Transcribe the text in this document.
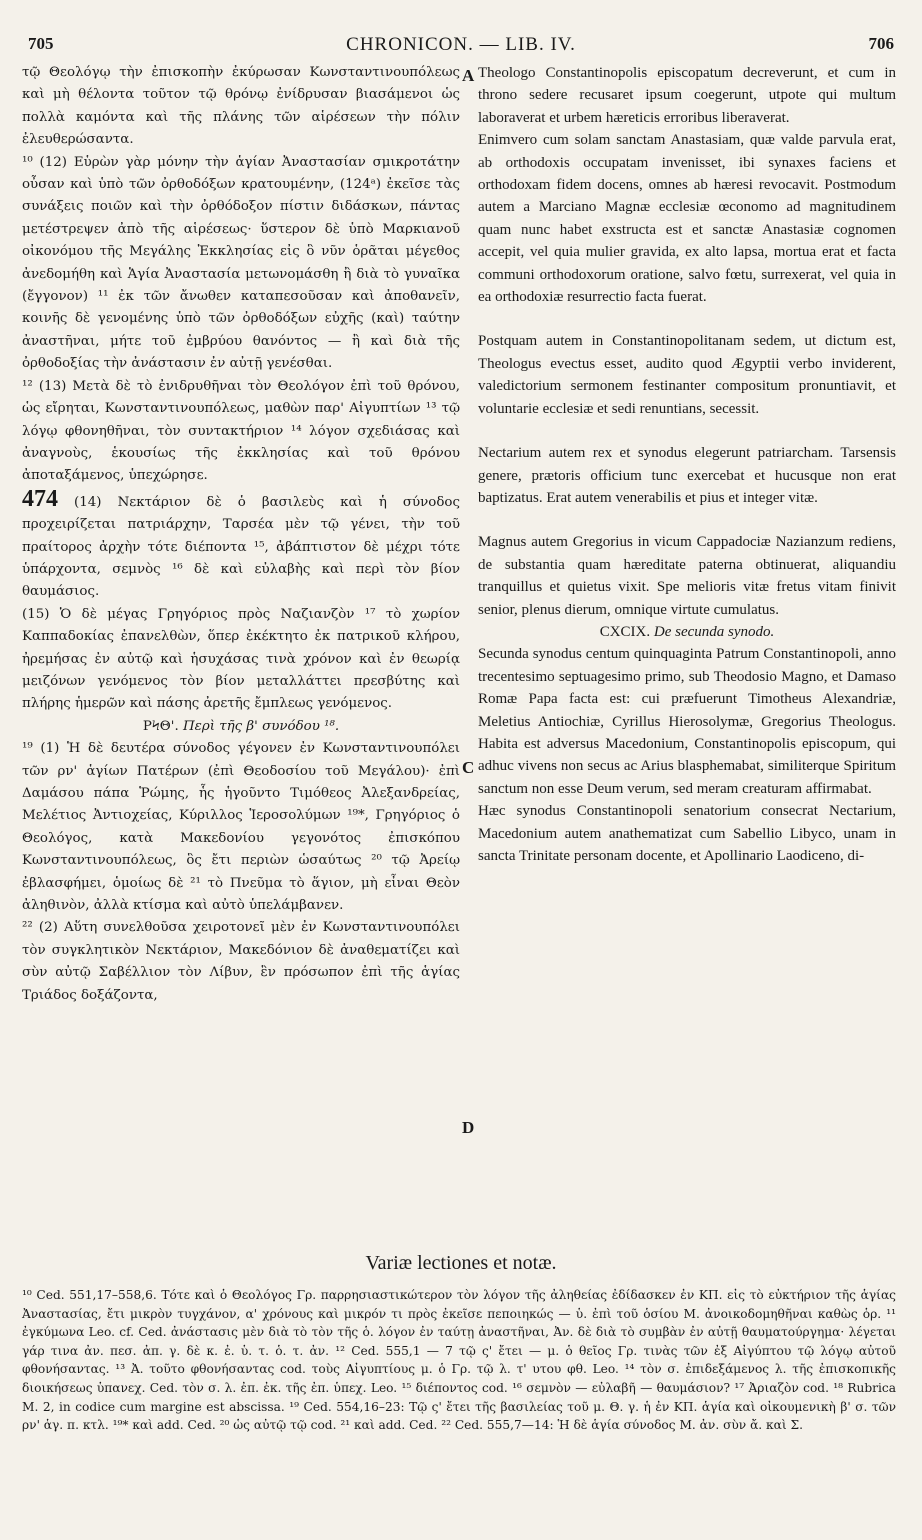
705	CHRONICON. — LIB. IV.	706

τῷ Θεολόγῳ τὴν ἐπισκοπὴν ἐκύρωσαν Κωνσταντινουπόλεως καὶ μὴ θέλοντα τοῦτον τῷ θρόνῳ ἐνίδρυσαν βιασάμενοι ὡς πολλὰ καμόντα καὶ τῆς πλάνης τῶν αἱρέσεων τὴν πόλιν ἐλευθερώσαντα.

¹⁰ (12) Εὑρὼν γὰρ μόνην τὴν ἁγίαν Ἀναστασίαν σμικροτάτην οὖσαν καὶ ὑπὸ τῶν ὀρθοδόξων κρατουμένην, (124ᵃ) ἐκεῖσε τὰς συνάξεις ποιῶν καὶ τὴν ὀρθόδοξον πίστιν διδάσκων, πάντας μετέστρεψεν ἀπὸ τῆς αἱρέσεως· ὕστερον δὲ ὑπὸ Μαρκιανοῦ οἰκονόμου τῆς Μεγάλης Ἐκκλησίας εἰς ὃ νῦν ὁρᾶται μέγεθος ἀνεδομήθη καὶ Ἁγία Ἀναστασία μετωνομάσθη ἢ διὰ τὸ γυναῖκα (ἔγγονον) ¹¹ ἐκ τῶν ἄνωθεν καταπεσοῦσαν καὶ ἀποθανεῖν, κοινῆς δὲ γενομένης ὑπὸ τῶν ὀρθοδόξων εὐχῆς (καὶ) ταύτην ἀναστῆναι, μήτε τοῦ ἐμβρύου θανόντος — ἢ καὶ διὰ τῆς ὀρθοδοξίας τὴν ἀνάστασιν ἐν αὐτῇ γενέσθαι.

¹² (13) Μετὰ δὲ τὸ ἐνιδρυθῆναι τὸν Θεολόγον ἐπὶ τοῦ θρόνου, ὡς εἴρηται, Κωνσταντινουπόλεως, μαθὼν παρ' Αἰγυπτίων ¹³ τῷ λόγῳ φθονηθῆναι, τὸν συντακτήριον ¹⁴ λόγον σχεδιάσας καὶ ἀναγνοὺς, ἑκουσίως τῆς ἐκκλησίας καὶ τοῦ θρόνου ἀποταξάμενος, ὑπεχώρησε.

474 (14) Νεκτάριον δὲ ὁ βασιλεὺς καὶ ἡ σύνοδος προχειρίζεται πατριάρχην, Ταρσέα μὲν τῷ γένει, τὴν τοῦ πραίτορος ἀρχὴν τότε διέποντα ¹⁵, ἀβάπτιστον δὲ μέχρι τότε ὑπάρχοντα, σεμνὸς ¹⁶ δὲ καὶ εὐλαβὴς καὶ περὶ τὸν βίον θαυμάσιος.

(15) Ὁ δὲ μέγας Γρηγόριος πρὸς Ναζιανζὸν ¹⁷ τὸ χωρίον Καππαδοκίας ἐπανελθὼν, ὅπερ ἐκέκτητο ἐκ πατρικοῦ κλήρου, ἠρεμήσας ἐν αὐτῷ καὶ ἡσυχάσας τινὰ χρόνον καὶ ἐν θεωρίᾳ μειζόνων γενόμενος τὸν βίον μεταλλάττει πρεσβύτης καὶ πλήρης ἡμερῶν καὶ πάσης ἀρετῆς ἔμπλεως γενόμενος.

ΡϞΘ'. Περὶ τῆς β' συνόδου ¹⁸.

¹⁹ (1) Ἡ δὲ δευτέρα σύνοδος γέγονεν ἐν Κωνσταντινουπόλει τῶν ρν' ἁγίων Πατέρων (ἐπὶ Θεοδοσίου τοῦ Μεγάλου)· ἐπὶ Δαμάσου πάπα Ῥώμης, ἧς ἡγοῦντο Τιμόθεος Ἀλεξανδρείας, Μελέτιος Ἀντιοχείας, Κύριλλος Ἱεροσολύμων ¹⁹*, Γρηγόριος ὁ Θεολόγος, κατὰ Μακεδονίου γεγονότος ἐπισκόπου Κωνσταντινουπόλεως, ὃς ἔτι περιὼν ὡσαύτως ²⁰ τῷ Ἀρείῳ ἐβλασφήμει, ὁμοίως δὲ ²¹ τὸ Πνεῦμα τὸ ἅγιον, μὴ εἶναι Θεὸν ἀληθινὸν, ἀλλὰ κτίσμα καὶ αὐτὸ ὑπελάμβανεν.

²² (2) Αὕτη συνελθοῦσα χειροτονεῖ μὲν ἐν Κωνσταντινουπόλει τὸν συγκλητικὸν Νεκτάριον, Μακεδόνιον δὲ ἀναθεματίζει καὶ σὺν αὐτῷ Σαβέλλιον τὸν Λίβυν, ἓν πρόσωπον ἐπὶ τῆς ἁγίας Τριάδος δοξάζοντα,

Theologo Constantinopolis episcopatum decreverunt, et cum in throno sedere recusaret ipsum coegerunt, utpote qui multum laboraverat et urbem hæreticis erroribus liberaverat.

Enimvero cum solam sanctam Anastasiam, quæ valde parvula erat, ab orthodoxis occupatam invenisset, ibi synaxes faciens et orthodoxam fidem docens, omnes ab hæresi revocavit. Postmodum autem a Marciano Magnæ ecclesiæ œconomo ad magnitudinem quam nunc habet exstructa est et sanctæ Anastasiæ cognomen accepit, vel quia mulier gravida, ex alto lapsa, mortua erat et facta communi orthodoxorum oratione, salvo fœtu, surrexerat, vel quia in ea orthodoxiæ resurrectio facta fuerat.

Postquam autem in Constantinopolitanam sedem, ut dictum est, Theologus evectus esset, audito quod Ægyptii verbo inviderent, valedictorium sermonem festinanter compositum pronuntiavit, et voluntarie ecclesiæ et sedi renuntians, secessit.

Nectarium autem rex et synodus elegerunt patriarcham. Tarsensis genere, prætoris officium tunc exercebat et hucusque non erat baptizatus. Erat autem venerabilis et pius et integer vitæ.

Magnus autem Gregorius in vicum Cappadociæ Nazianzum rediens, de substantia quam hæreditate paterna obtinuerat, aliquandiu tranquillus et quietus vixit. Spe melioris vitæ fretus vitam finivit senior, plenus dierum, omnique virtute cumulatus.

CXCIX. De secunda synodo.

Secunda synodus centum quinquaginta Patrum Constantinopoli, anno trecentesimo septuagesimo primo, sub Theodosio Magno, et Damaso Romæ Papa facta est: cui præfuerunt Timotheus Alexandriæ, Meletius Antiochiæ, Cyrillus Hierosolymæ, Gregorius Theologus. Habita est adversus Macedonium, Constantinopolis episcopum, qui adhuc vivens non secus ac Arius blasphemabat, similiterque Spiritum sanctum non esse Deum verum, sed meram creaturam affirmabat.

Hæc synodus Constantinopoli senatorium consecrat Nectarium, Macedonium autem anathematizat cum Sabellio Libyco, unam in sancta Trinitate personam docente, et Apollinario Laodiceno, di-

A
C
D
Variæ lectiones et notæ.
¹⁰ Ced. 551,17–558,6. Τότε καὶ ὁ Θεολόγος Γρ. παρρησιαστικώτερον τὸν λόγον τῆς ἀληθείας ἐδίδασκεν ἐν ΚΠ. εἰς τὸ εὐκτήριον τῆς ἁγίας Ἀναστασίας, ἔτι μικρὸν τυγχάνον, α' χρόνους καὶ μικρόν τι πρὸς ἐκεῖσε πεποιηκώς — ὑ. ἐπὶ τοῦ ὁσίου Μ. ἀνοικοδομηθῆναι καθὼς ὁρ. ¹¹ ἐγκύμωνα Leo. cf. Ced. ἀνάστασις μὲν διὰ τὸ τὸν τῆς ὁ. λόγον ἐν ταύτῃ ἀναστῆναι, Ἀν. δὲ διὰ τὸ συμβὰν ἐν αὐτῇ θαυματούργημα· λέγεται γάρ τινα ἀν. πεσ. ἀπ. γ. δὲ κ. ἐ. ὑ. τ. ὁ. τ. ἀν. ¹² Ced. 555,1 — 7 τῷ ς' ἔτει — μ. ὁ θεῖος Γρ. τινὰς τῶν ἐξ Αἰγύπτου τῷ λόγῳ αὐτοῦ φθονήσαντας. ¹³ Ἀ. τοῦτο φθονήσαντας cod. τοὺς Αἰγυπτίους μ. ὁ Γρ. τῷ λ. τ' υτου φθ. Leo. ¹⁴ τὸν σ. ἐπιδεξάμενος λ. τῆς ἐπισκοπικῆς διοικήσεως ὑπανεχ. Ced. τὸν σ. λ. ἐπ. ἐκ. τῆς ἐπ. ὑπεχ. Leo. ¹⁵ διέποντος cod. ¹⁶ σεμνὸν — εὐλαβῆ — θαυμάσιον? ¹⁷ Ἀριαζὸν cod. ¹⁸ Rubrica M. 2, in codice cum margine est abscissa. ¹⁹ Ced. 554,16–23: Τῷ ς' ἔτει τῆς βασιλείας τοῦ μ. Θ. γ. ἡ ἐν ΚΠ. ἁγία καὶ οἰκουμενικὴ β' σ. τῶν ρν' ἁγ. π. κτλ. ¹⁹* καὶ add. Ced. ²⁰ ὡς αὐτῷ τῷ cod. ²¹ καὶ add. Ced. ²² Ced. 555,7—14: Ἡ δὲ ἁγία σύνοδος Μ. ἀν. σὺν ἄ. καὶ Σ.
